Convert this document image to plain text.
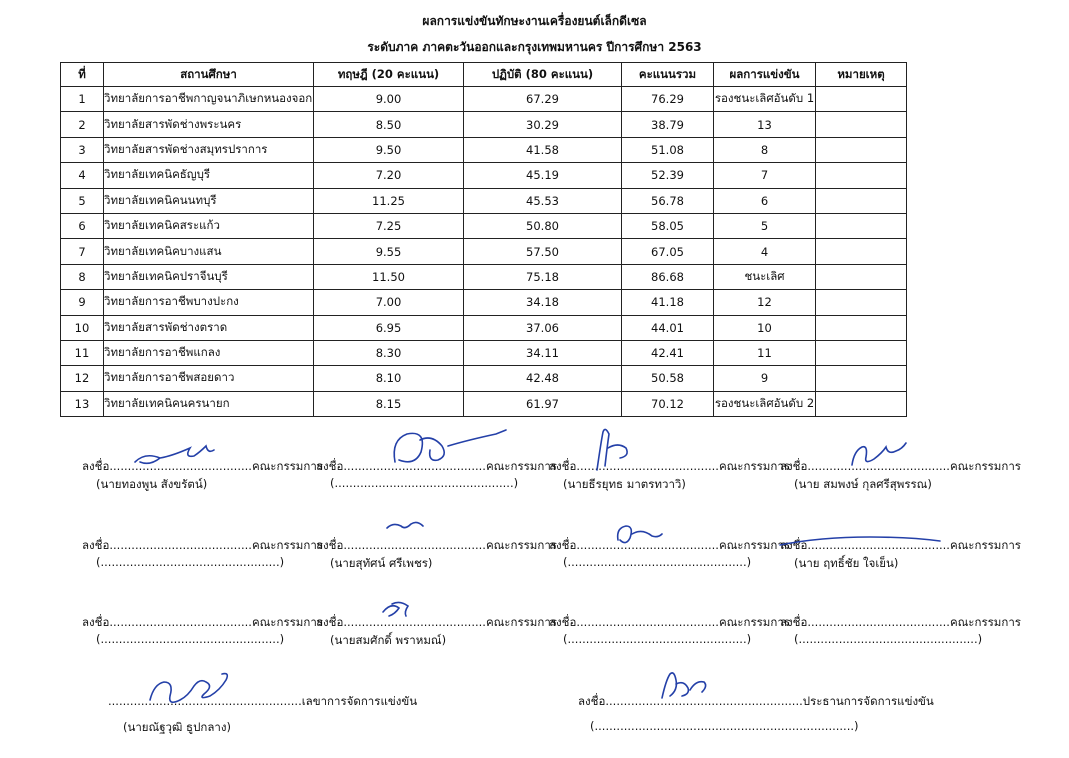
ผลการแข่งขันทักษะงานเครื่องยนต์เล็กดีเซล
ระดับภาค ภาคตะวันออกและกรุงเทพมหานคร ปีการศึกษา 2563
ที่	สถานศึกษา	ทฤษฎี (20 คะแนน)	ปฏิบัติ (80 คะแนน)	คะแนนรวม	ผลการแข่งขัน	หมายเหตุ
1	วิทยาลัยการอาชีพกาญจนาภิเษกหนองจอก	9.00	67.29	76.29	รองชนะเลิศอันดับ 1	
2	วิทยาลัยสารพัดช่างพระนคร	8.50	30.29	38.79	13	
3	วิทยาลัยสารพัดช่างสมุทรปราการ	9.50	41.58	51.08	8	
4	วิทยาลัยเทคนิคธัญบุรี	7.20	45.19	52.39	7	
5	วิทยาลัยเทคนิคนนทบุรี	11.25	45.53	56.78	6	
6	วิทยาลัยเทคนิคสระแก้ว	7.25	50.80	58.05	5	
7	วิทยาลัยเทคนิคบางแสน	9.55	57.50	67.05	4	
8	วิทยาลัยเทคนิคปราจีนบุรี	11.50	75.18	86.68	ชนะเลิศ	
9	วิทยาลัยการอาชีพบางปะกง	7.00	34.18	41.18	12	
10	วิทยาลัยสารพัดช่างตราด	6.95	37.06	44.01	10	
11	วิทยาลัยการอาชีพแกลง	8.30	34.11	42.41	11	
12	วิทยาลัยการอาชีพสอยดาว	8.10	42.48	50.58	9	
13	วิทยาลัยเทคนิคนครนายก	8.15	61.97	70.12	รองชนะเลิศอันดับ 2	
ลงชื่อ.......................................คณะกรรมการ
(นายทองพูน สังขรัตน์)
ลงชื่อ.......................................คณะกรรมการ
(.................................................)
ลงชื่อ.......................................คณะกรรมการ
(นายธีรยุทธ มาตรทวาวิ)
ลงชื่อ.......................................คณะกรรมการ
(นาย สมพงษ์ กุลศรีสุพรรณ)
ลงชื่อ.......................................คณะกรรมการ
(.................................................)
ลงชื่อ.......................................คณะกรรมการ
(นายสุทัศน์ ศรีเพชร)
ลงชื่อ.......................................คณะกรรมการ
(.................................................)
ลงชื่อ.......................................คณะกรรมการ
(นาย ฤทธิ์ชัย ใจเย็น)
ลงชื่อ.......................................คณะกรรมการ
(.................................................)
ลงชื่อ.......................................คณะกรรมการ
(นายสมศักดิ์ พราหมณ์)
ลงชื่อ.......................................คณะกรรมการ
(.................................................)
ลงชื่อ.......................................คณะกรรมการ
(.................................................)
.....................................................เลขาการจัดการแข่งขัน
(นายณัฐวุฒิ ธูปกลาง)
ลงชื่อ......................................................ประธานการจัดการแข่งขัน
(.......................................................................)
